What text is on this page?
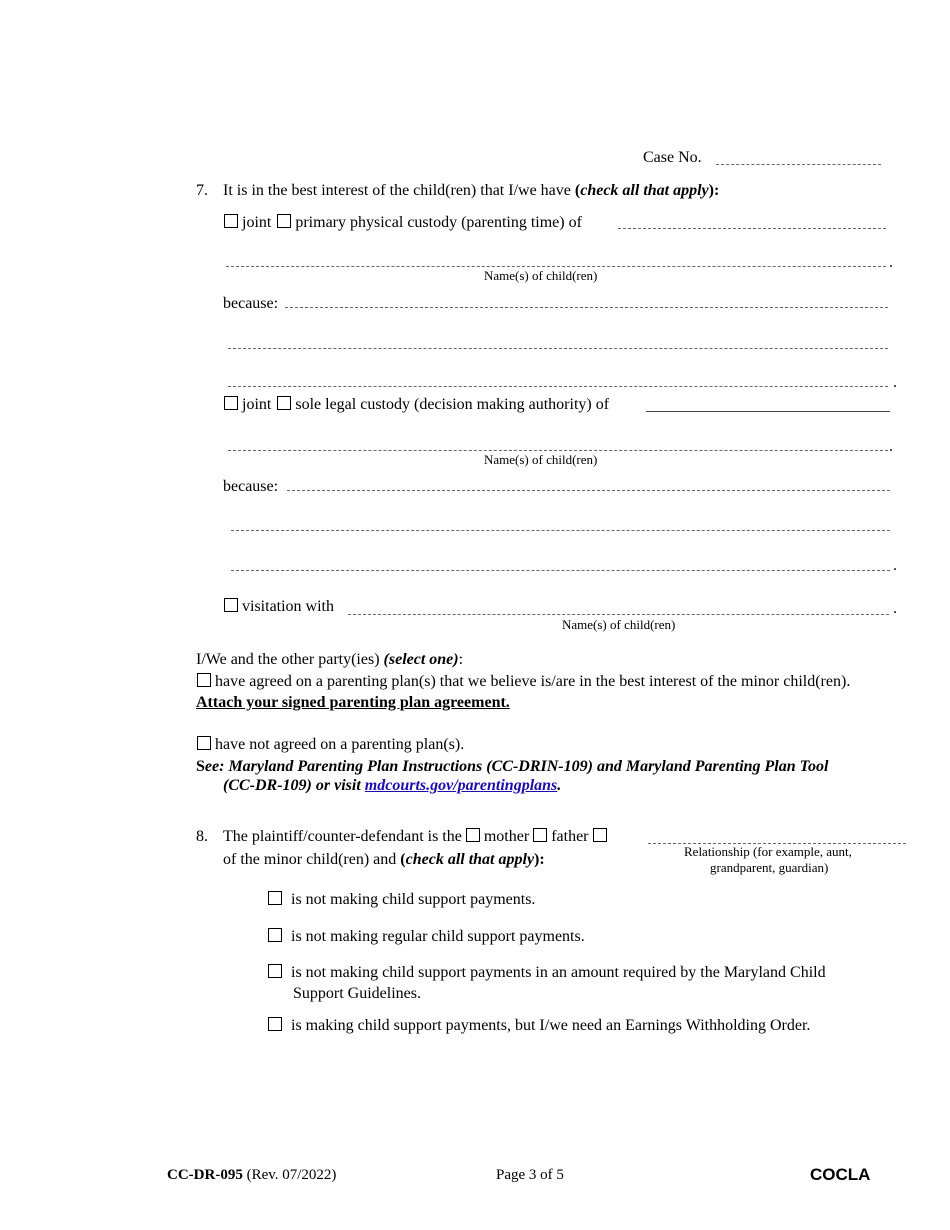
Case No.
7. It is in the best interest of the child(ren) that I/we have (check all that apply):
joint primary physical custody (parenting time) of
.
Name(s) of child(ren)
because:
.
joint sole legal custody (decision making authority) of
.
Name(s) of child(ren)
because:
.
visitation with	.
Name(s) of child(ren)
I/We and the other party(ies) (select one):
have agreed on a parenting plan(s) that we believe is/are in the best interest of the minor child(ren).
Attach your signed parenting plan agreement.
have not agreed on a parenting plan(s).
See: Maryland Parenting Plan Instructions (CC-DRIN-109) and Maryland Parenting Plan Tool
(CC-DR-109) or visit mdcourts.gov/parentingplans.
8. The plaintiff/counter-defendant is the mother father
Relationship (for example, aunt,
grandparent, guardian)
of the minor child(ren) and (check all that apply):
is not making child support payments.
is not making regular child support payments.
is not making child support payments in an amount required by the Maryland Child
Support Guidelines.
is making child support payments, but I/we need an Earnings Withholding Order.
CC-DR-095 (Rev. 07/2022)	Page 3 of 5	COCLA
